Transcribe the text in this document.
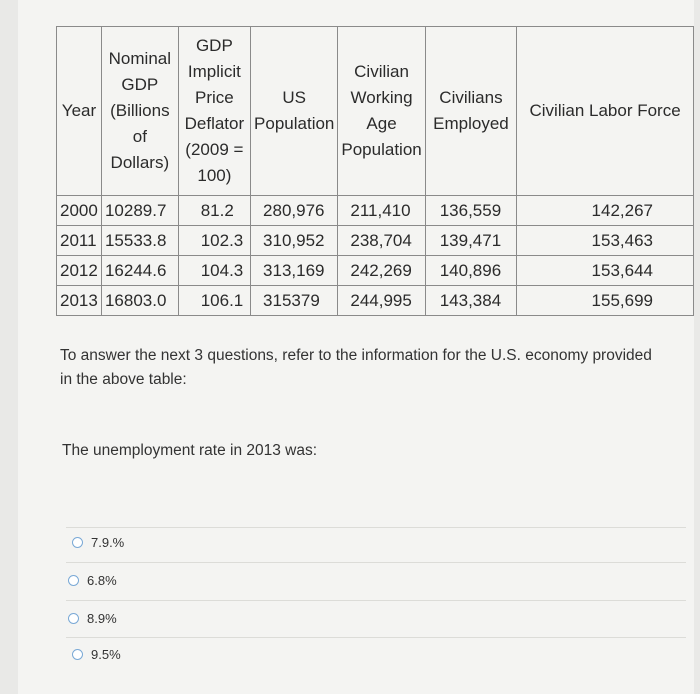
Year	Nominal GDP (Billions of Dollars)	GDP Implicit Price Deflator (2009 = 100)	US Population	Civilian Working Age Population	Civilians Employed	Civilian Labor Force
2000	10289.7	81.2	280,976	211,410	136,559	142,267
2011	15533.8	102.3	310,952	238,704	139,471	153,463
2012	16244.6	104.3	313,169	242,269	140,896	153,644
2013	16803.0	106.1	315379	244,995	143,384	155,699
To answer the next 3 questions, refer to the information for the U.S. economy provided in the above table:
The unemployment rate in 2013 was:
7.9.%
6.8%
8.9%
9.5%
